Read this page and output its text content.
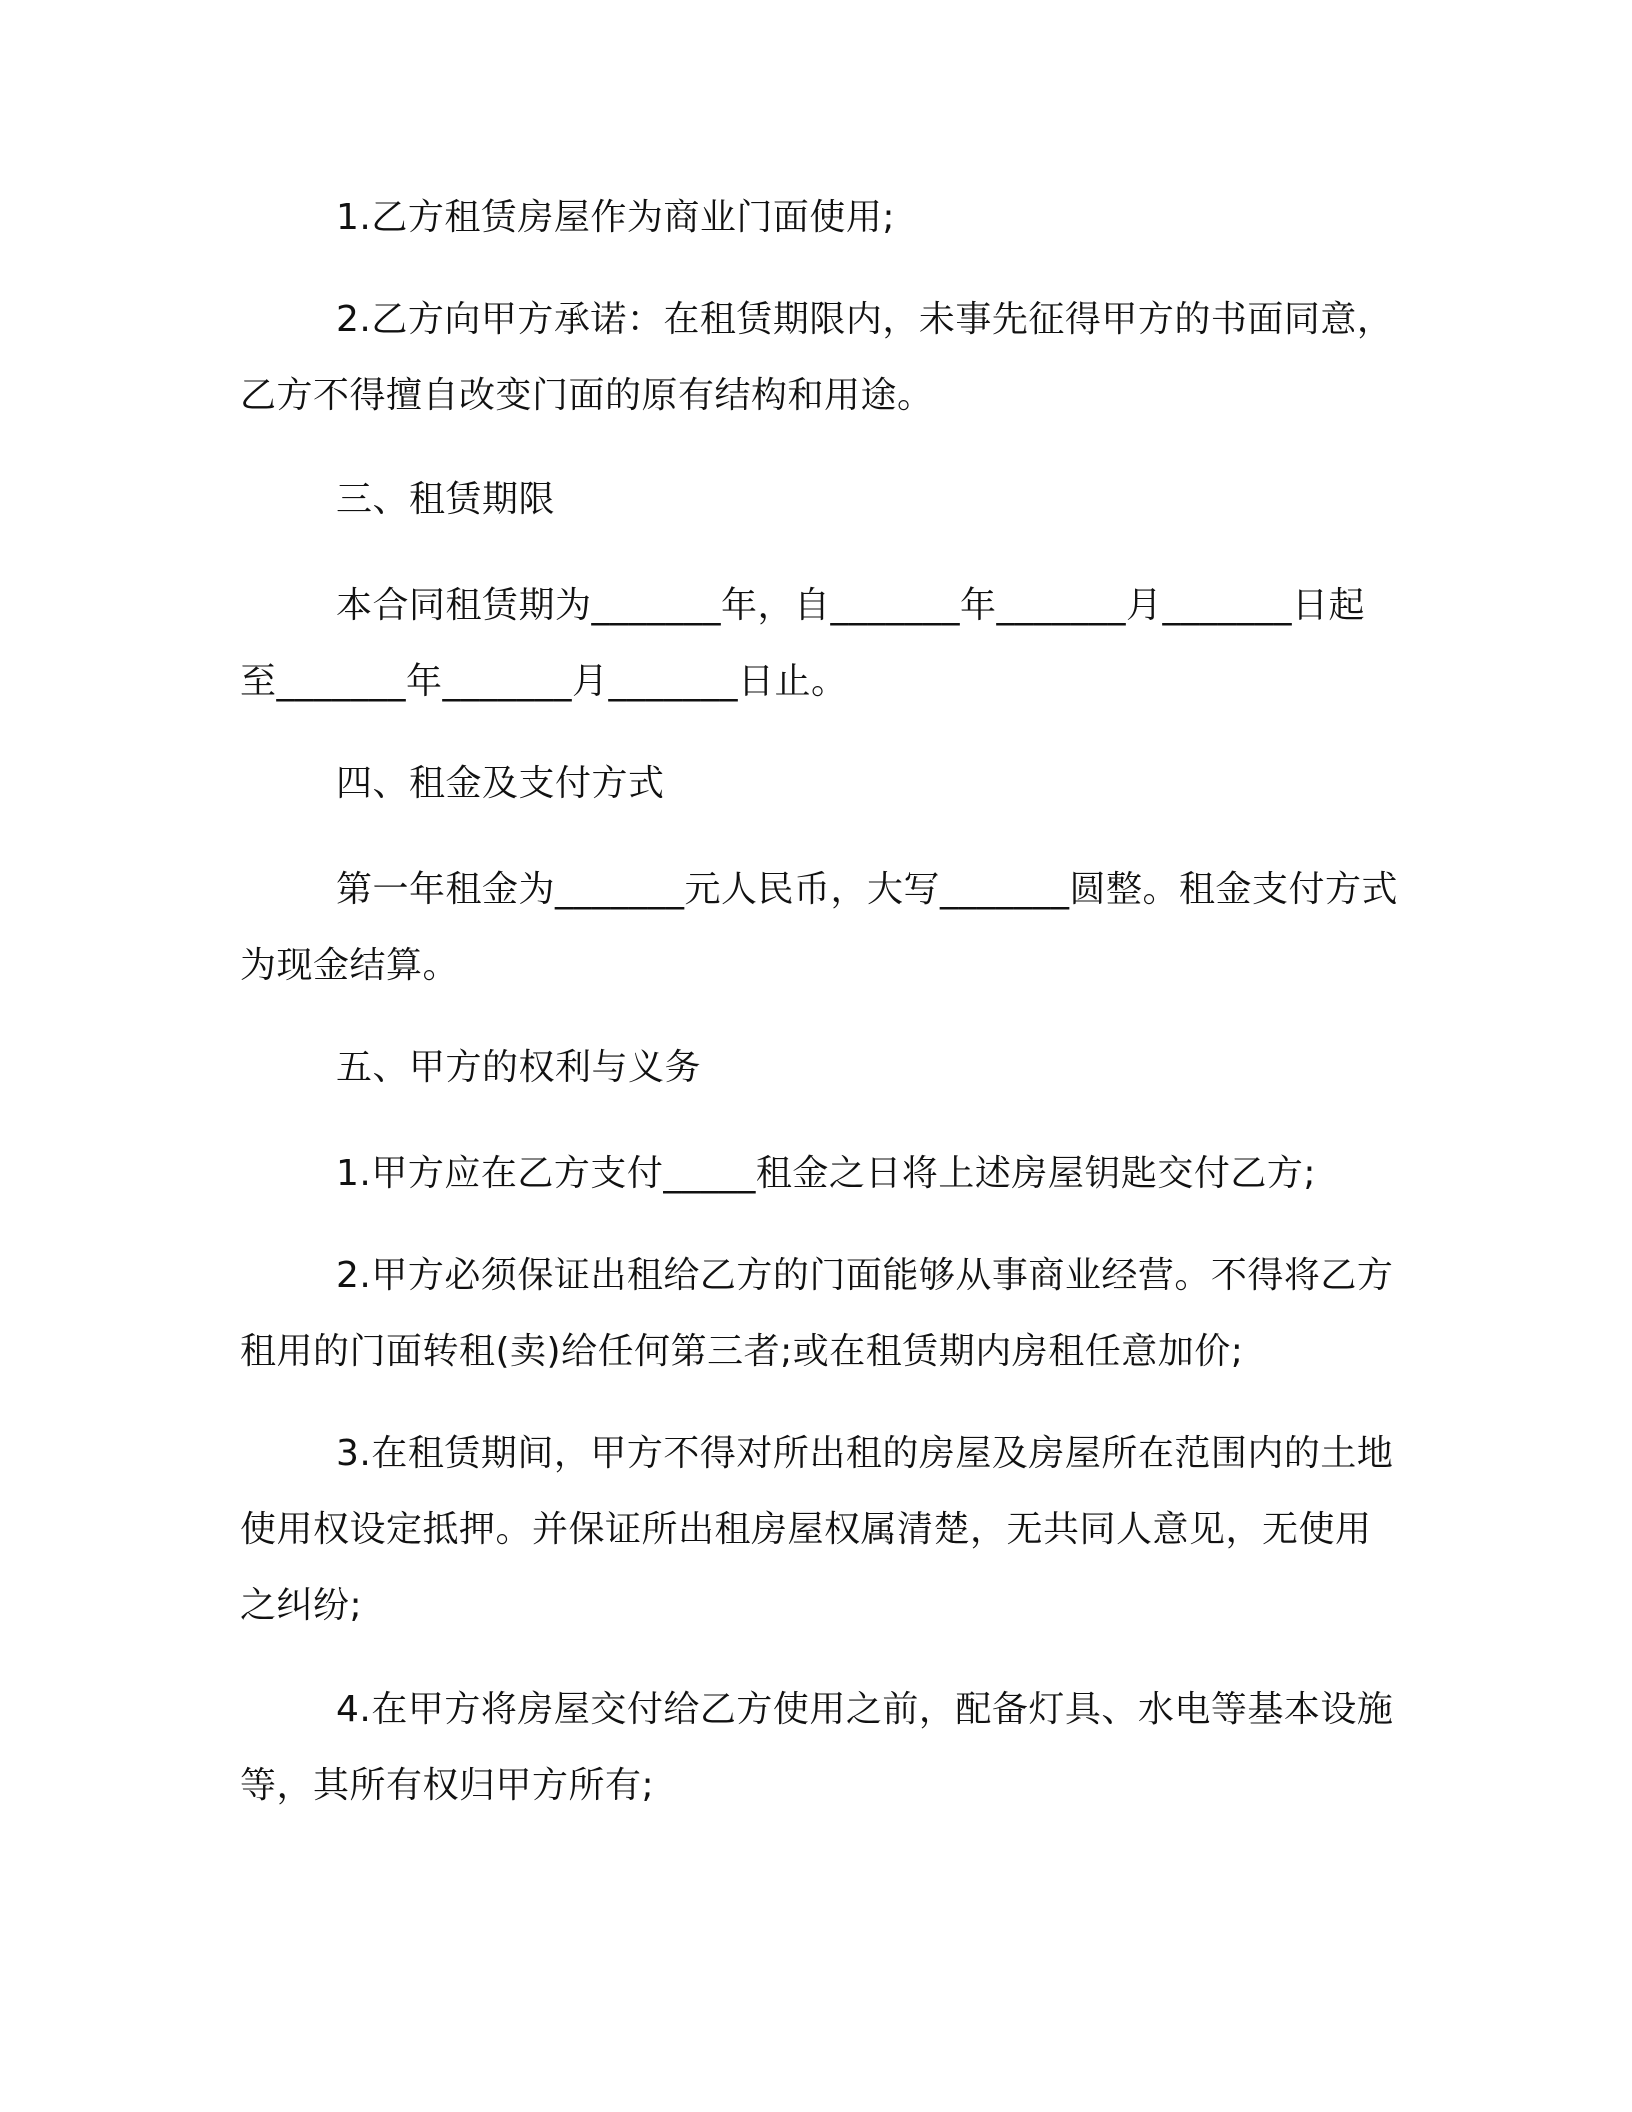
1.乙方租赁房屋作为商业门面使用;

2.乙方向甲方承诺：在租赁期限内，未事先征得甲方的书面同意，乙方不得擅自改变门面的原有结构和用途。

三、租赁期限

本合同租赁期为_______年，自_______年_______月_______日起至_______年_______月_______日止。

四、租金及支付方式

第一年租金为_______元人民币，大写_______圆整。租金支付方式为现金结算。

五、甲方的权利与义务

1.甲方应在乙方支付_____租金之日将上述房屋钥匙交付乙方;

2.甲方必须保证出租给乙方的门面能够从事商业经营。不得将乙方租用的门面转租(卖)给任何第三者;或在租赁期内房租任意加价;

3.在租赁期间，甲方不得对所出租的房屋及房屋所在范围内的土地使用权设定抵押。并保证所出租房屋权属清楚，无共同人意见，无使用之纠纷;

4.在甲方将房屋交付给乙方使用之前，配备灯具、水电等基本设施等，其所有权归甲方所有;
